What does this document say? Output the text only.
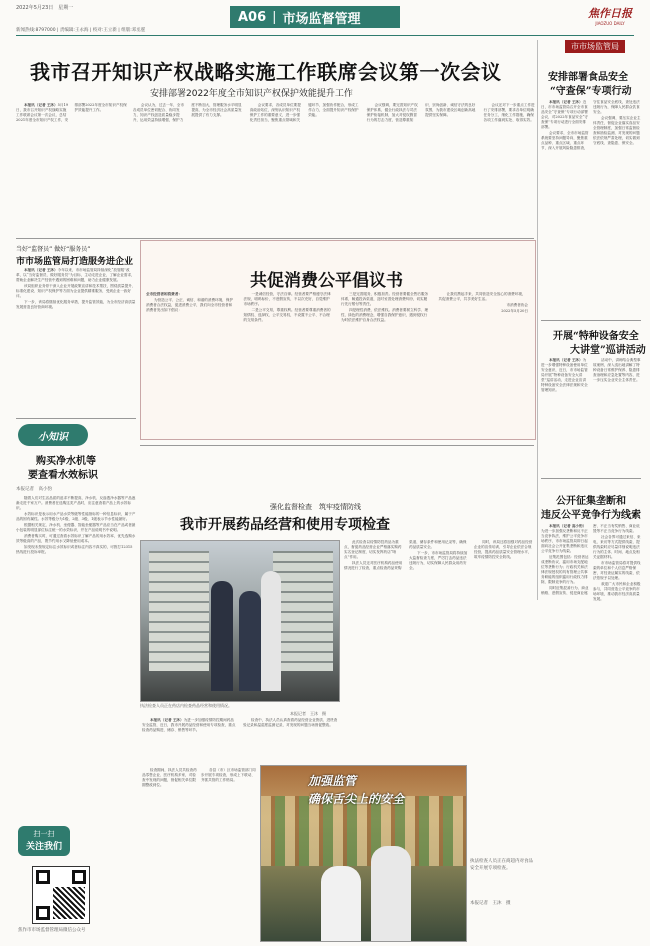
2022年5月23日　星期一
A06 | 市场监督管理	焦作日报
JIAOZUO DAILY
新闻热线:8797000 | 责编辑:王永海 | 校对:王立新 | 组版:邓丞霆
市市场监管局
我市召开知识产权战略实施工作联席会议第一次会议
安排部署2022年度全市知识产权保护效能提升工作

本报讯（记者 王沐）5月19日，我市召开知识产权战略实施工作联席会议第一次会议，总结2021年度全市知识产权工作，安排部署2022年度全市知识产权保护效能提升工作。

会议认为，过去一年，全市各成员单位密切配合、协同发力，知识产权创造质量稳步提升，运用效益持续增强，保护力度不断加大，管理服务水平明显提高，为全市经济社会高质量发展提供了有力支撑。

会议要求，各成员单位要提高政治站位，深刻认识知识产权保护工作的重要意义，进一步强化责任担当，聚焦重点领域和关键环节，加强协作配合，形成工作合力，全面提升知识产权保护效能。

会议强调，要完善知识产权保护体系，健全行政执法与司法保护衔接机制，加大对侵权假冒行为的打击力度，营造尊重知识、崇尚创新、诚信守法的良好氛围，为我市建设区域创新高地提供坚实保障。

会议还对下一步重点工作进行了安排部署，要求各单位明确任务分工，细化工作措施，确保各项工作落到实处、取得实效。

安排部署食品安全
“守查保”专项行动

本报讯（记者 王沐）近日，市市场监管局召开全市食品安全“守查保”专项行动部署会议，对2022年食品安全“守查保”专项行动进行全面安排部署。

会议要求，全市市场监管系统要坚持问题导向，聚焦重点品种、重点区域、重点环节，深入开展风险隐患排查，守住食品安全底线，查处违法违规行为，保障人民群众饮食安全。

会议强调，要压实企业主体责任，督促企业落实食品安全管理制度，加强日常监督检查和抽检监测，对发现的问题依法依规严肃处理，切实做到守底线、查隐患、保安全。

当好“监督员” 做好“服务员”
市市场监管局打造服务进企业

本报讯（记者 王沐）今年以来，市市场监管局持续深化“放管服”改革，以“当好监督员、做好服务员”为目标，主动走进企业，了解企业需求，帮助企业解决生产经营中遇到的困难和问题，助力企业健康发展。

该局组织业务骨干深入企业开展政策宣讲和技术帮扶，围绕质量提升、标准化建设、知识产权保护等方面为企业提供精准服务，受到企业一致好评。

下一步，该局将继续优化服务举措，提升监管效能，为全市经济高质量发展营造良好营商环境。

共促消费公平倡议书

全市经营者和消费者：

为营造公平、公正、诚信、和谐的消费环境，保护消费者合法权益，促进消费公平，我们向全市经营者和消费者发出如下倡议：

一是诚信经营，守法自律。经营者要严格遵守法律法规，明码标价，不虚假宣传，不以次充好，自觉维护市场秩序。

二是公平交易，尊重权利。经营者要尊重消费者的知情权、选择权、公平交易权，不设置不公平、不合理的交易条件。

三是完善服务，积极担责。经营者要健全售后服务体系，畅通投诉渠道，及时妥善处理消费纠纷，切实履行先行赔付等责任。

四是理性消费，依法维权。消费者要树立科学、理性、绿色的消费理念，增强自我保护意识，遇到侵权行为时依法维护自身合法权益。

让我们携起手来，共同营造安全放心的消费环境，共促消费公平，共享美好生活。

市消费者协会

2022年5月20日

开展“特种设备安全
大讲堂”巡讲活动

本报讯（记者 王沐）为进一步增强特种设备使用单位安全意识，近日，市市场监管局开展“特种设备安全大讲堂”巡讲活动，走进企业宣讲特种设备安全法律法规和安全管理知识。

活动中，讲师结合典型事故案例，深入浅出地讲解了特种设备日常维护保养、隐患排查治理和应急处置等内容，进一步压实企业安全主体责任。

小知识
购买净水机等
要查看水效标识
本报记者　高小豹

随着人们对生活品质的追求不断提高，净水机、反渗透净水器等产品逐渐走进千家万户。消费者在选购这类产品时，应注意查看产品上的水效标识。

水效标识是表示用水产品水效等级等性能指标的一种信息标识，属于产品的固有属性。水效等级分为1级、2级、3级，1级表示节水性能最好。

根据相关规定，净水机、坐便器、智能坐便器等产品应当在产品或者最小包装的明显部位标注统一的水效标识，并在产品说明书中说明。

消费者购买时，可通过查看水效标识了解产品的用水效率，优先选购水效等级高的产品，既节约用水又降低使用成本。

如发现未按规定标注水效标识或者标注内容不真实的，可拨打12315热线进行投诉举报。

强化监督检查　筑牢疫情防线
我市开展药品经营和使用专项检查
执法检查人员正在药店内检查药品经营和使用情况。
本报记者　王沐　摄

本报讯（记者 王沐）为进一步加强疫情防控期间药品安全监管，近日，我市开展药品经营和使用专项检查，重点检查药品购进、储存、销售等环节。

检查中，执法人员认真查看药品经营企业资质、进货查验记录和温湿度监测记录，对发现的问题当场督促整改。

此次检查以疫情防控药品为重点，督促药品经营企业严格落实购药实名登记制度，切实发挥药店“哨点”作用。

执法人员还对医疗机构药品使用情况进行了检查，重点检查药品采购渠道、储存条件和使用记录等，确保药品质量安全。

下一步，市市场监管局将持续加大监督检查力度，严厉打击药品违法违规行为，切实保障人民群众用药安全。

同时，该局还将加强对药品经营企业的宣传培训，引导企业依法合规经营，提高药品质量安全管理水平，筑牢疫情防控安全防线。

公开征集垄断和
违反公平竞争行为线索

本报讯（记者 高小豹）为进一步加强反垄断和反不正当竞争执法，维护公平竞争市场秩序，市市场监管局即日起面向社会公开征集垄断和违反公平竞争行为线索。

征集范围包括：经营者达成垄断协议、滥用市场支配地位等垄断行为；行政机关和法律法规授权的具有管理公共事务职能的组织滥用行政权力排除、限制竞争的行为。

同时征集混淆行为、商业贿赂、虚假宣传、侵犯商业秘密、不正当有奖销售、商业诋毁等不正当竞争行为线索。

社会各界可通过来信、来电、来访等方式提供线索，提供线索时应尽量详细说明违法行为的主体、时间、地点及相关证据材料。

市市场监管局将对提供线索的单位和个人信息严格保密，对经查证属实的线索，依法依规予以处理。

欢迎广大市民和企业积极参与，共同营造公平竞争的市场环境，推动我市经济高质量发展。

加强监管
确保舌尖上的安全
执法检查人员正在商超内对食品安全开展专项检查。
本报记者　王沐　摄

检查期间，执法人员共检查药品零售企业、医疗机构多家，对检查中发现的问题，督促相关单位限期整改到位。

各县（市）区市场监管部门同步开展专项检查，形成上下联动、齐抓共管的工作格局。

扫一扫
关注我们
焦作市市场监督管理局微信公众号
